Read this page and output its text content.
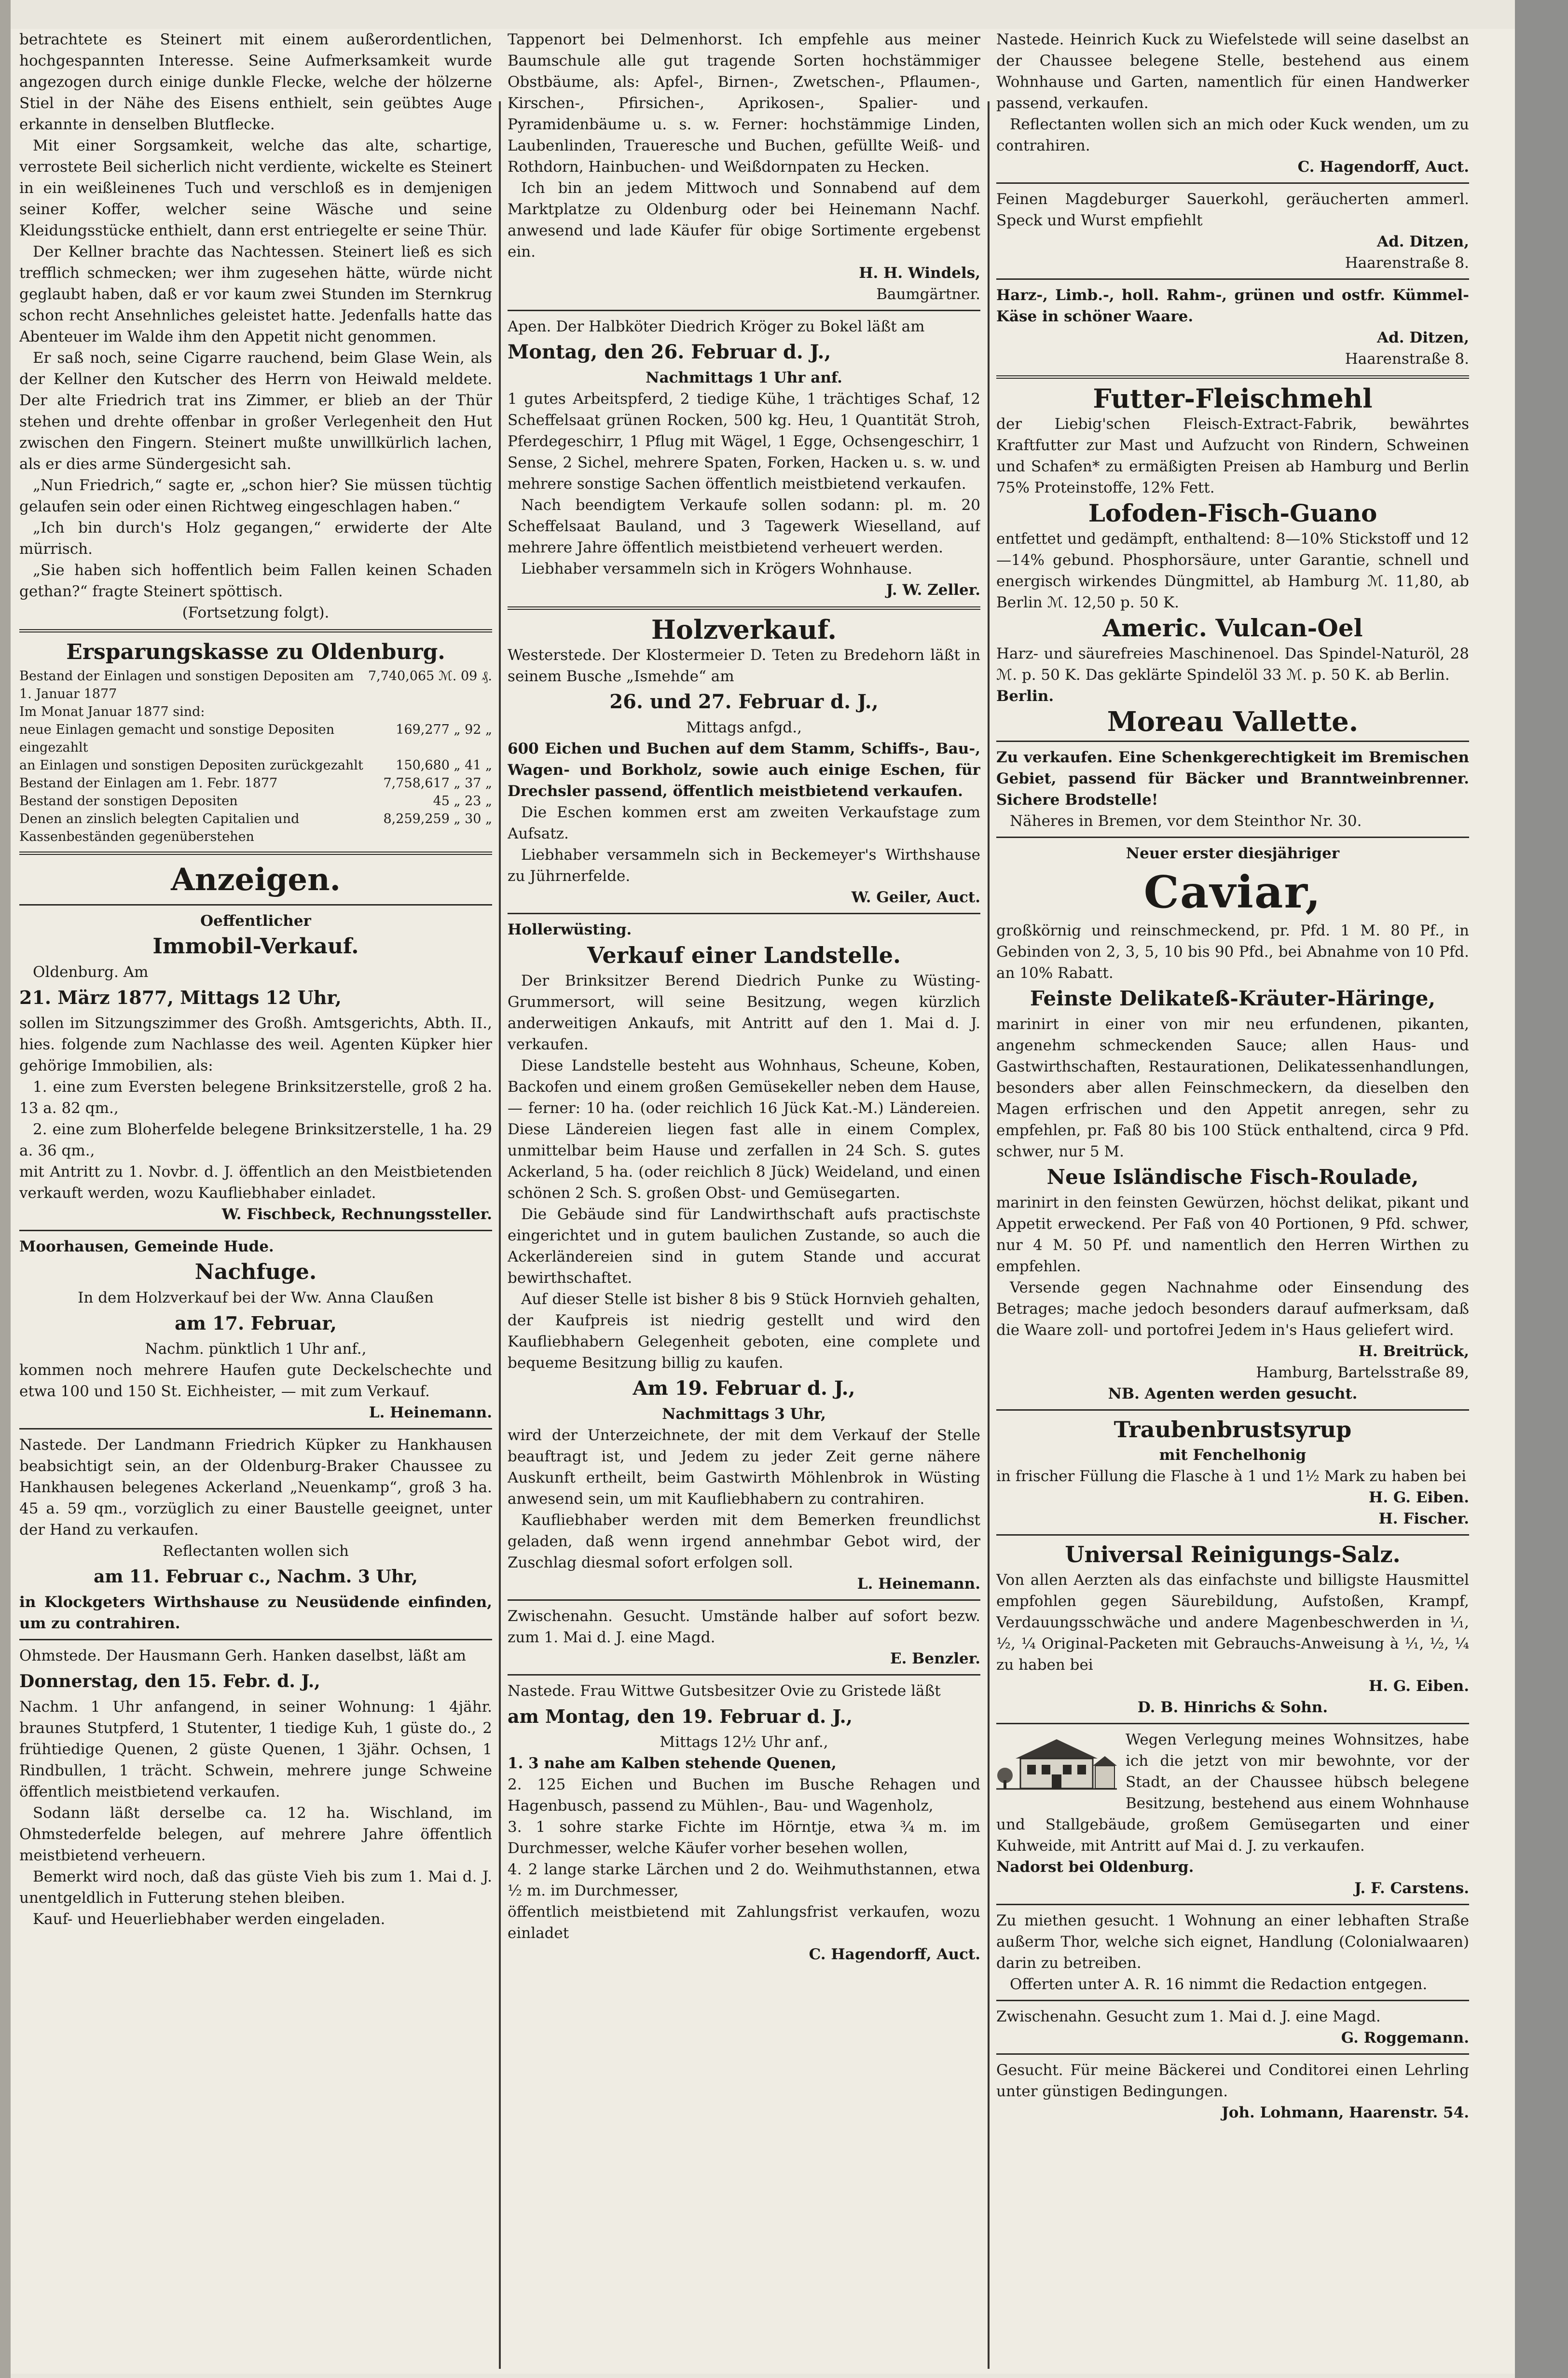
betrachtete es Steinert mit einem außerordentlichen, hochgespannten Interesse. Seine Aufmerksamkeit wurde angezogen durch einige dunkle Flecke, welche der hölzerne Stiel in der Nähe des Eisens enthielt, sein geübtes Auge erkannte in denselben Blutflecke.

Mit einer Sorgsamkeit, welche das alte, schartige, verrostete Beil sicherlich nicht verdiente, wickelte es Steinert in ein weißleinenes Tuch und verschloß es in demjenigen seiner Koffer, welcher seine Wäsche und seine Kleidungsstücke enthielt, dann erst entriegelte er seine Thür.

Der Kellner brachte das Nachtessen. Steinert ließ es sich trefflich schmecken; wer ihm zugesehen hätte, würde nicht geglaubt haben, daß er vor kaum zwei Stunden im Sternkrug schon recht Ansehnliches geleistet hatte. Jedenfalls hatte das Abenteuer im Walde ihm den Appetit nicht genommen.

Er saß noch, seine Cigarre rauchend, beim Glase Wein, als der Kellner den Kutscher des Herrn von Heiwald meldete. Der alte Friedrich trat ins Zimmer, er blieb an der Thür stehen und drehte offenbar in großer Verlegenheit den Hut zwischen den Fingern. Steinert mußte unwillkürlich lachen, als er dies arme Sündergesicht sah.

„Nun Friedrich,“ sagte er, „schon hier? Sie müssen tüchtig gelaufen sein oder einen Richtweg eingeschlagen haben.“

„Ich bin durch's Holz gegangen,“ erwiderte der Alte mürrisch.

„Sie haben sich hoffentlich beim Fallen keinen Schaden gethan?“ fragte Steinert spöttisch.

(Fortsetzung folgt).

Ersparungskasse zu Oldenburg.
Bestand der Einlagen und sonstigen Depositen am 1. Januar 1877
7,740,065 ℳ. 09 ₰.
Im Monat Januar 1877 sind:
neue Einlagen gemacht und sonstige Depositen eingezahlt
169,277 „ 92 „
an Einlagen und sonstigen Depositen zurückgezahlt 150,680 „ 41 „
Bestand der Einlagen am 1. Febr. 1877	7,758,617 „ 37 „
Bestand der sonstigen Depositen	45 „ 23 „
Denen an zinslich belegten Capitalien und Kassenbeständen gegenüberstehen
8,259,259 „ 30 „
Anzeigen.

Oeffentlicher

Immobil-Verkauf.

Oldenburg. Am

21. März 1877, Mittags 12 Uhr,

sollen im Sitzungszimmer des Großh. Amtsgerichts, Abth. II., hies. folgende zum Nachlasse des weil. Agenten Küpker hier gehörige Immobilien, als:

1. eine zum Eversten belegene Brinksitzerstelle, groß 2 ha. 13 a. 82 qm.,

2. eine zum Bloherfelde belegene Brinksitzerstelle, 1 ha. 29 a. 36 qm.,

mit Antritt zu 1. Novbr. d. J. öffentlich an den Meistbietenden verkauft werden, wozu Kaufliebhaber einladet.

W. Fischbeck, Rechnungssteller.

Moorhausen, Gemeinde Hude.

Nachfuge.

In dem Holzverkauf bei der Ww. Anna Claußen

am 17. Februar,

Nachm. pünktlich 1 Uhr anf.,

kommen noch mehrere Haufen gute Deckelschechte und etwa 100 und 150 St. Eichheister, — mit zum Verkauf.

L. Heinemann.

Nastede. Der Landmann Friedrich Küpker zu Hankhausen beabsichtigt sein, an der Oldenburg-Braker Chaussee zu Hankhausen belegenes Ackerland „Neuenkamp“, groß 3 ha. 45 a. 59 qm., vorzüglich zu einer Baustelle geeignet, unter der Hand zu verkaufen.

Reflectanten wollen sich

am 11. Februar c., Nachm. 3 Uhr,

in Klockgeters Wirthshause zu Neusüdende einfinden, um zu contrahiren.

Ohmstede. Der Hausmann Gerh. Hanken daselbst, läßt am

Donnerstag, den 15. Febr. d. J.,

Nachm. 1 Uhr anfangend, in seiner Wohnung: 1 4jähr. braunes Stutpferd, 1 Stutenter, 1 tiedige Kuh, 1 güste do., 2 frühtiedige Quenen, 2 güste Quenen, 1 3jähr. Ochsen, 1 Rindbullen, 1 trächt. Schwein, mehrere junge Schweine öffentlich meistbietend verkaufen.

Sodann läßt derselbe ca. 12 ha. Wischland, im Ohmstederfelde belegen, auf mehrere Jahre öffentlich meistbietend verheuern.

Bemerkt wird noch, daß das güste Vieh bis zum 1. Mai d. J. unentgeldlich in Futterung stehen bleiben.

Kauf- und Heuerliebhaber werden eingeladen.

Tappenort bei Delmenhorst. Ich empfehle aus meiner Baumschule alle gut tragende Sorten hochstämmiger Obstbäume, als: Apfel-, Birnen-, Zwetschen-, Pflaumen-, Kirschen-, Pfirsichen-, Aprikosen-, Spalier- und Pyramidenbäume u. s. w. Ferner: hochstämmige Linden, Laubenlinden, Traueresche und Buchen, gefüllte Weiß- und Rothdorn, Hainbuchen- und Weißdornpaten zu Hecken.

Ich bin an jedem Mittwoch und Sonnabend auf dem Marktplatze zu Oldenburg oder bei Heinemann Nachf. anwesend und lade Käufer für obige Sortimente ergebenst ein.

H. H. Windels,

Baumgärtner.

Apen. Der Halbköter Diedrich Kröger zu Bokel läßt am

Montag, den 26. Februar d. J.,

Nachmittags 1 Uhr anf.

1 gutes Arbeitspferd, 2 tiedige Kühe, 1 trächtiges Schaf, 12 Scheffelsaat grünen Rocken, 500 kg. Heu, 1 Quantität Stroh, Pferdegeschirr, 1 Pflug mit Wägel, 1 Egge, Ochsengeschirr, 1 Sense, 2 Sichel, mehrere Spaten, Forken, Hacken u. s. w. und mehrere sonstige Sachen öffentlich meistbietend verkaufen.

Nach beendigtem Verkaufe sollen sodann: pl. m. 20 Scheffelsaat Bauland, und 3 Tagewerk Wieselland, auf mehrere Jahre öffentlich meistbietend verheuert werden.

Liebhaber versammeln sich in Krögers Wohnhause.

J. W. Zeller.

Holzverkauf.

Westerstede. Der Klostermeier D. Teten zu Bredehorn läßt in seinem Busche „Ismehde“ am

26. und 27. Februar d. J.,

Mittags anfgd.,

600 Eichen und Buchen auf dem Stamm, Schiffs-, Bau-, Wagen- und Borkholz, sowie auch einige Eschen, für Drechsler passend, öffentlich meistbietend verkaufen.

Die Eschen kommen erst am zweiten Verkaufstage zum Aufsatz.

Liebhaber versammeln sich in Beckemeyer's Wirthshause zu Jührnerfelde.

W. Geiler, Auct.

Hollerwüsting.

Verkauf einer Landstelle.

Der Brinksitzer Berend Diedrich Punke zu Wüsting-Grummersort, will seine Besitzung, wegen kürzlich anderweitigen Ankaufs, mit Antritt auf den 1. Mai d. J. verkaufen.

Diese Landstelle besteht aus Wohnhaus, Scheune, Koben, Backofen und einem großen Gemüsekeller neben dem Hause, — ferner: 10 ha. (oder reichlich 16 Jück Kat.-M.) Ländereien. Diese Ländereien liegen fast alle in einem Complex, unmittelbar beim Hause und zerfallen in 24 Sch. S. gutes Ackerland, 5 ha. (oder reichlich 8 Jück) Weideland, und einen schönen 2 Sch. S. großen Obst- und Gemüsegarten.

Die Gebäude sind für Landwirthschaft aufs practischste eingerichtet und in gutem baulichen Zustande, so auch die Ackerländereien sind in gutem Stande und accurat bewirthschaftet.

Auf dieser Stelle ist bisher 8 bis 9 Stück Hornvieh gehalten, der Kaufpreis ist niedrig gestellt und wird den Kaufliebhabern Gelegenheit geboten, eine complete und bequeme Besitzung billig zu kaufen.

Am 19. Februar d. J.,

Nachmittags 3 Uhr,

wird der Unterzeichnete, der mit dem Verkauf der Stelle beauftragt ist, und Jedem zu jeder Zeit gerne nähere Auskunft ertheilt, beim Gastwirth Möhlenbrok in Wüsting anwesend sein, um mit Kaufliebhabern zu contrahiren.

Kaufliebhaber werden mit dem Bemerken freundlichst geladen, daß wenn irgend annehmbar Gebot wird, der Zuschlag diesmal sofort erfolgen soll.

L. Heinemann.

Zwischenahn. Gesucht. Umstände halber auf sofort bezw. zum 1. Mai d. J. eine Magd.

E. Benzler.

Nastede. Frau Wittwe Gutsbesitzer Ovie zu Gristede läßt

am Montag, den 19. Februar d. J.,

Mittags 12½ Uhr anf.,

1. 3 nahe am Kalben stehende Quenen,

2. 125 Eichen und Buchen im Busche Rehagen und Hagenbusch, passend zu Mühlen-, Bau- und Wagenholz,

3. 1 sohre starke Fichte im Hörntje, etwa ¾ m. im Durchmesser, welche Käufer vorher besehen wollen,

4. 2 lange starke Lärchen und 2 do. Weihmuthstannen, etwa ½ m. im Durchmesser,

öffentlich meistbietend mit Zahlungsfrist verkaufen, wozu einladet

C. Hagendorff, Auct.

Nastede. Heinrich Kuck zu Wiefelstede will seine daselbst an der Chaussee belegene Stelle, bestehend aus einem Wohnhause und Garten, namentlich für einen Handwerker passend, verkaufen.

Reflectanten wollen sich an mich oder Kuck wenden, um zu contrahiren.

C. Hagendorff, Auct.

Feinen Magdeburger Sauerkohl, geräucherten ammerl. Speck und Wurst empfiehlt

Ad. Ditzen,

Haarenstraße 8.

Harz-, Limb.-, holl. Rahm-, grünen und ostfr. Kümmel-Käse in schöner Waare.

Ad. Ditzen,

Haarenstraße 8.

Futter-Fleischmehl

der Liebig'schen Fleisch-Extract-Fabrik, bewährtes Kraftfutter zur Mast und Aufzucht von Rindern, Schweinen und Schafen* zu ermäßigten Preisen ab Hamburg und Berlin 75% Proteinstoffe, 12% Fett.

Lofoden-Fisch-Guano

entfettet und gedämpft, enthaltend: 8—10% Stickstoff und 12—14% gebund. Phosphorsäure, unter Garantie, schnell und energisch wirkendes Düngmittel, ab Hamburg ℳ. 11,80, ab Berlin ℳ. 12,50 p. 50 K.

Americ. Vulcan-Oel

Harz- und säurefreies Maschinenoel. Das Spindel-Naturöl, 28 ℳ. p. 50 K. Das geklärte Spindelöl 33 ℳ. p. 50 K. ab Berlin.

Berlin.

Moreau Vallette.

Zu verkaufen. Eine Schenkgerechtigkeit im Bremischen Gebiet, passend für Bäcker und Branntweinbrenner. Sichere Brodstelle!

Näheres in Bremen, vor dem Steinthor Nr. 30.

Neuer erster diesjähriger

Caviar,

großkörnig und reinschmeckend, pr. Pfd. 1 M. 80 Pf., in Gebinden von 2, 3, 5, 10 bis 90 Pfd., bei Abnahme von 10 Pfd. an 10% Rabatt.

Feinste Delikateß-Kräuter-Häringe,

marinirt in einer von mir neu erfundenen, pikanten, angenehm schmeckenden Sauce; allen Haus- und Gastwirthschaften, Restaurationen, Delikatessenhandlungen, besonders aber allen Feinschmeckern, da dieselben den Magen erfrischen und den Appetit anregen, sehr zu empfehlen, pr. Faß 80 bis 100 Stück enthaltend, circa 9 Pfd. schwer, nur 5 M.

Neue Isländische Fisch-Roulade,

marinirt in den feinsten Gewürzen, höchst delikat, pikant und Appetit erweckend. Per Faß von 40 Portionen, 9 Pfd. schwer, nur 4 M. 50 Pf. und namentlich den Herren Wirthen zu empfehlen.

Versende gegen Nachnahme oder Einsendung des Betrages; mache jedoch besonders darauf aufmerksam, daß die Waare zoll- und portofrei Jedem in's Haus geliefert wird.

H. Breitrück,

Hamburg, Bartelsstraße 89,

NB. Agenten werden gesucht.

Traubenbrustsyrup

mit Fenchelhonig

in frischer Füllung die Flasche à 1 und 1½ Mark zu haben bei

H. G. Eiben.

H. Fischer.

Universal Reinigungs-Salz.

Von allen Aerzten als das einfachste und billigste Hausmittel empfohlen gegen Säurebildung, Aufstoßen, Krampf, Verdauungsschwäche und andere Magenbeschwerden in ⅟₁, ½, ¼ Original-Packeten mit Gebrauchs-Anweisung à ⅟₁, ½, ¼ zu haben bei

H. G. Eiben.

D. B. Hinrichs & Sohn.

Wegen Verlegung meines Wohnsitzes, habe ich die jetzt von mir bewohnte, vor der Stadt, an der Chaussee hübsch belegene Besitzung, bestehend aus einem Wohnhause und Stallgebäude, großem Gemüsegarten und einer Kuhweide, mit Antritt auf Mai d. J. zu verkaufen.

Nadorst bei Oldenburg.

J. F. Carstens.

Zu miethen gesucht. 1 Wohnung an einer lebhaften Straße außerm Thor, welche sich eignet, Handlung (Colonialwaaren) darin zu betreiben.

Offerten unter A. R. 16 nimmt die Redaction entgegen.

Zwischenahn. Gesucht zum 1. Mai d. J. eine Magd.

G. Roggemann.

Gesucht. Für meine Bäckerei und Conditorei einen Lehrling unter günstigen Bedingungen.

Joh. Lohmann, Haarenstr. 54.
